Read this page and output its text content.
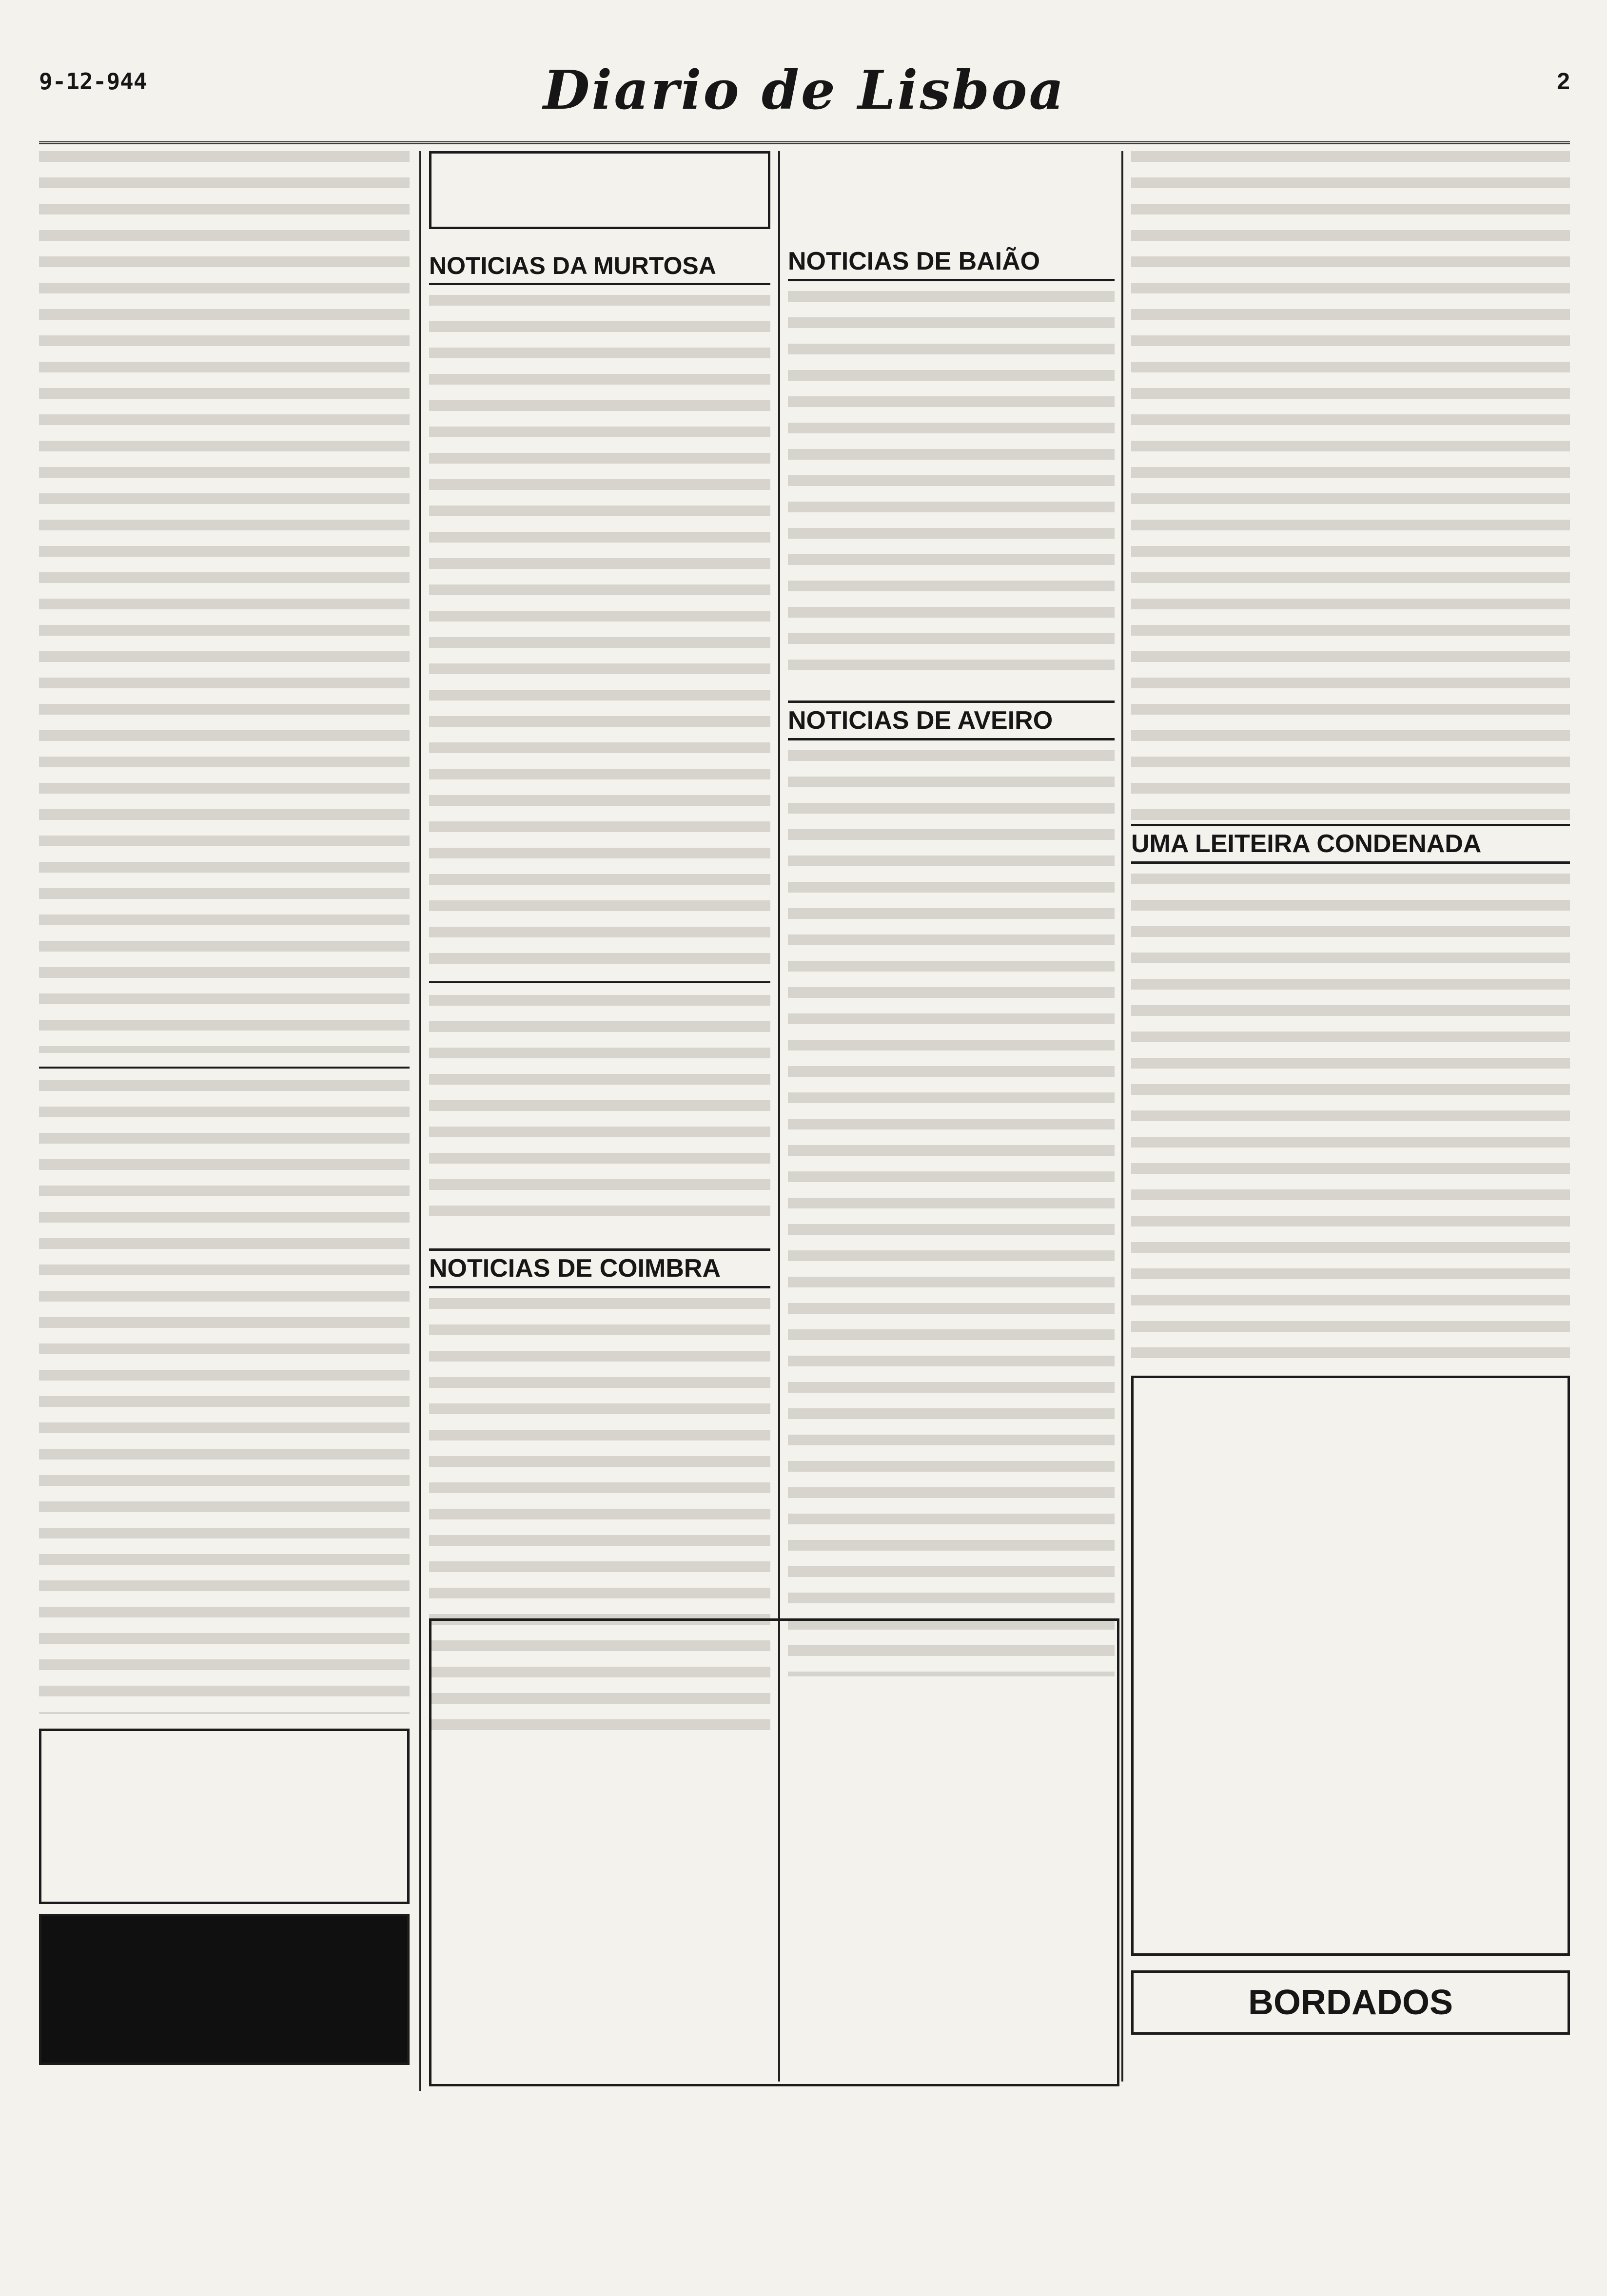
9-12-944	Diario de Lisboa	2
NOTICIAS DA MURTOSA
NOTICIAS DE COIMBRA
NOTICIAS DE BAIÃO
NOTICIAS DE AVEIRO
UMA LEITEIRA CONDENADA
BORDADOS
